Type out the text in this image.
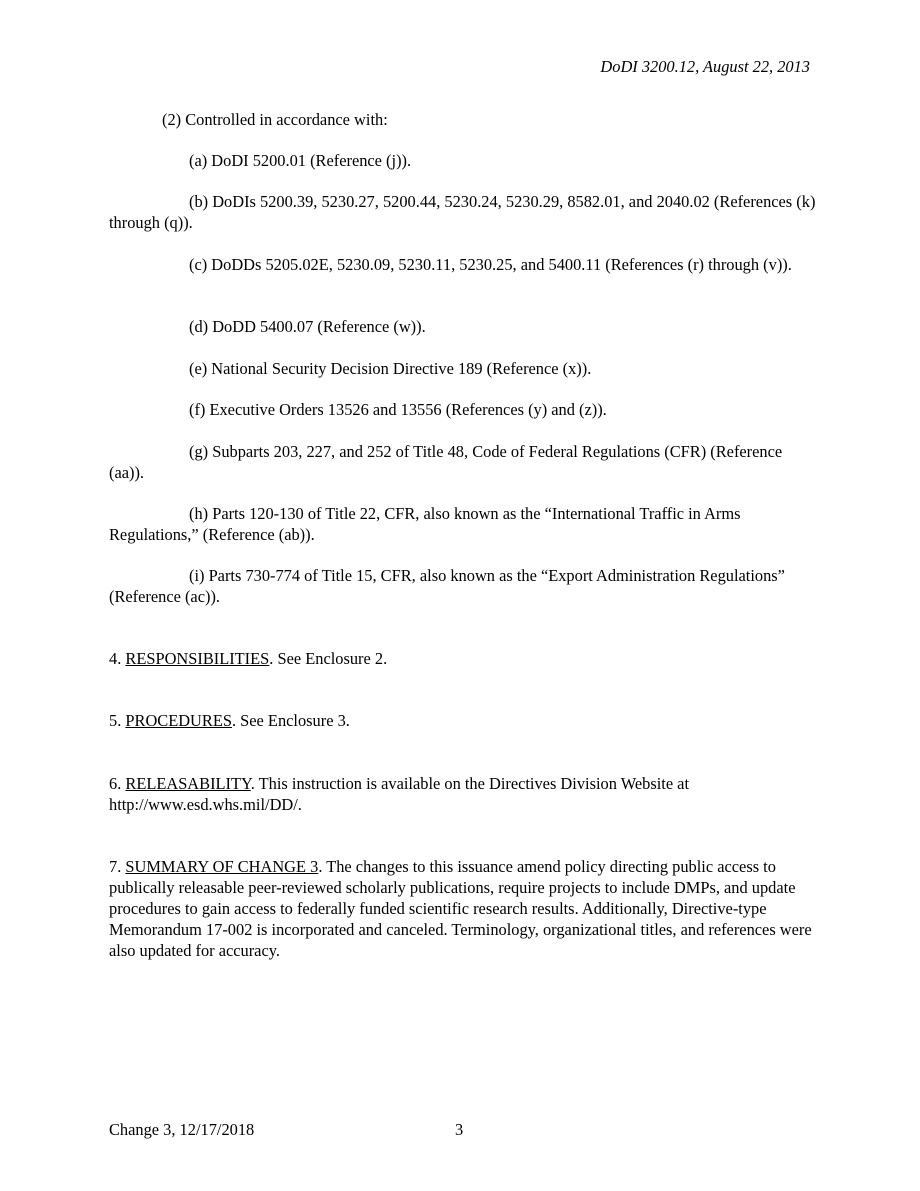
DoDI 3200.12, August 22, 2013

(2) Controlled in accordance with:

(a) DoDI 5200.01 (Reference (j)).

(b) DoDIs 5200.39, 5230.27, 5200.44, 5230.24, 5230.29, 8582.01, and 2040.02 (References (k) through (q)).

(c) DoDDs 5205.02E, 5230.09, 5230.11, 5230.25, and 5400.11 (References (r) through (v)).

(d) DoDD 5400.07 (Reference (w)).

(e) National Security Decision Directive 189 (Reference (x)).

(f) Executive Orders 13526 and 13556 (References (y) and (z)).

(g) Subparts 203, 227, and 252 of Title 48, Code of Federal Regulations (CFR) (Reference (aa)).

(h) Parts 120-130 of Title 22, CFR, also known as the “International Traffic in Arms Regulations,” (Reference (ab)).

(i) Parts 730-774 of Title 15, CFR, also known as the “Export Administration Regulations” (Reference (ac)).

4. RESPONSIBILITIES. See Enclosure 2.

5. PROCEDURES. See Enclosure 3.

6. RELEASABILITY. This instruction is available on the Directives Division Website at http://www.esd.whs.mil/DD/.

7. SUMMARY OF CHANGE 3. The changes to this issuance amend policy directing public access to publically releasable peer-reviewed scholarly publications, require projects to include DMPs, and update procedures to gain access to federally funded scientific research results. Additionally, Directive-type Memorandum 17-002 is incorporated and canceled. Terminology, organizational titles, and references were also updated for accuracy.

Change 3, 12/17/2018	3
